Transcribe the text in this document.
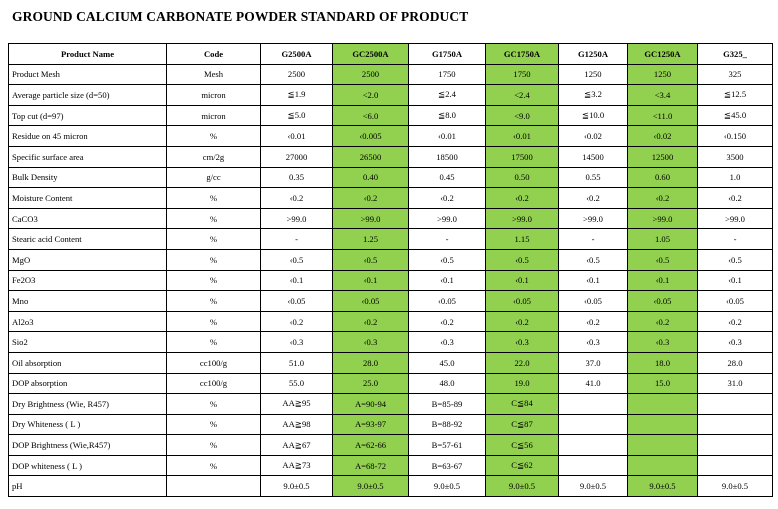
GROUND CALCIUM CARBONATE POWDER STANDARD OF PRODUCT
Product Name	Code	G2500A	GC2500A	G1750A	GC1750A	G1250A	GC1250A	G325_
Product Mesh	Mesh	2500	2500	1750	1750	1250	1250	325
Average particle size (d=50)	micron	≦1.9	<2.0	≦2.4	<2.4	≦3.2	<3.4	≦12.5
Top cut (d=97)	micron	≦5.0	<6.0	≦8.0	<9.0	≦10.0	<11.0	≦45.0
Residue on 45 micron	%	‹0.01	‹0.005	‹0.01	‹0.01	‹0.02	‹0.02	‹0.150
Specific surface area	cm/2g	27000	26500	18500	17500	14500	12500	3500
Bulk Density	g/cc	0.35	0.40	0.45	0.50	0.55	0.60	1.0
Moisture Content	%	‹0.2	‹0.2	‹0.2	‹0.2	‹0.2	‹0.2	‹0.2
CaCO3	%	>99.0	>99.0	>99.0	>99.0	>99.0	>99.0	>99.0
Stearic acid Content	%	-	1.25	-	1.15	-	1.05	-
MgO	%	‹0.5	‹0.5	‹0.5	‹0.5	‹0.5	‹0.5	‹0.5
Fe2O3	%	‹0.1	‹0.1	‹0.1	‹0.1	‹0.1	‹0.1	‹0.1
Mno	%	‹0.05	‹0.05	‹0.05	‹0.05	‹0.05	‹0.05	‹0.05
Al2o3	%	‹0.2	‹0.2	‹0.2	‹0.2	‹0.2	‹0.2	‹0.2
Sio2	%	‹0.3	‹0.3	‹0.3	‹0.3	‹0.3	‹0.3	‹0.3
Oil absorption	cc100/g	51.0	28.0	45.0	22.0	37.0	18.0	28.0
DOP absorption	cc100/g	55.0	25.0	48.0	19.0	41.0	15.0	31.0
Dry Brightness (Wie, R457)	%	AA≧95	A=90-94	B=85-89	C≦84			
Dry Whiteness ( L )	%	AA≧98	A=93-97	B=88-92	C≦87			
DOP Brightness (Wie,R457)	%	AA≧67	A=62-66	B=57-61	C≦56			
DOP whiteness ( L )	%	AA≧73	A=68-72	B=63-67	C≦62			
pH		9.0±0.5	9.0±0.5	9.0±0.5	9.0±0.5	9.0±0.5	9.0±0.5	9.0±0.5
